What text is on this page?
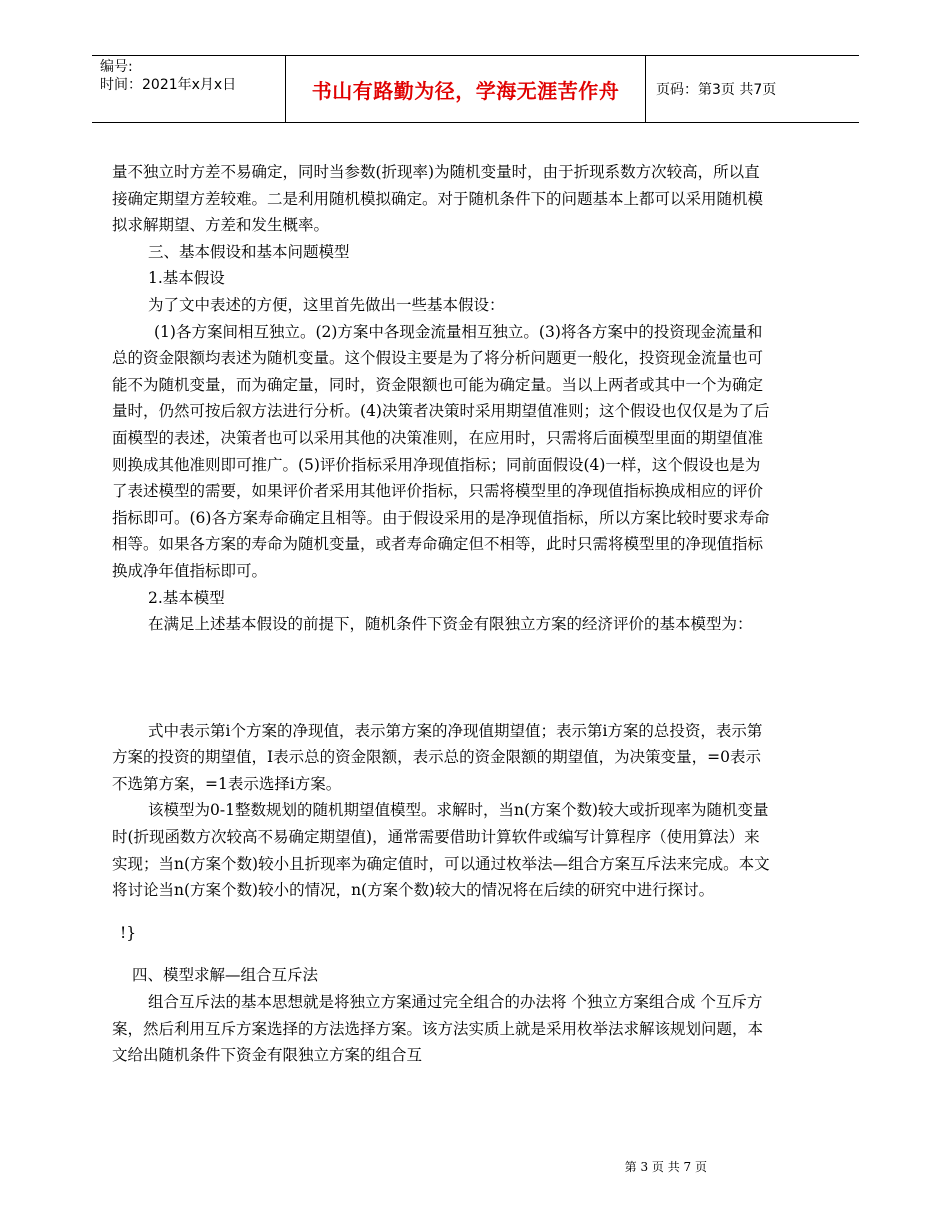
编号:
时间：2021年x月x日	书山有路勤为径，学海无涯苦作舟	页码：第3页 共7页

量不独立时方差不易确定，同时当参数(折现率)为随机变量时，由于折现系数方次较高，所以直接确定期望方差较难。二是利用随机模拟确定。对于随机条件下的问题基本上都可以采用随机模拟求解期望、方差和发生概率。

三、基本假设和基本问题模型

1.基本假设

为了文中表述的方便，这里首先做出一些基本假设：

(1)各方案间相互独立。(2)方案中各现金流量相互独立。(3)将各方案中的投资现金流量和总的资金限额均表述为随机变量。这个假设主要是为了将分析问题更一般化，投资现金流量也可能不为随机变量，而为确定量，同时，资金限额也可能为确定量。当以上两者或其中一个为确定量时，仍然可按后叙方法进行分析。(4)决策者决策时采用期望值准则；这个假设也仅仅是为了后面模型的表述，决策者也可以采用其他的决策准则，在应用时，只需将后面模型里面的期望值准则换成其他准则即可推广。(5)评价指标采用净现值指标；同前面假设(4)一样，这个假设也是为了表述模型的需要，如果评价者采用其他评价指标，只需将模型里的净现值指标换成相应的评价指标即可。(6)各方案寿命确定且相等。由于假设采用的是净现值指标，所以方案比较时要求寿命相等。如果各方案的寿命为随机变量，或者寿命确定但不相等，此时只需将模型里的净现值指标换成净年值指标即可。

2.基本模型

在满足上述基本假设的前提下，随机条件下资金有限独立方案的经济评价的基本模型为：

式中表示第i个方案的净现值，表示第方案的净现值期望值；表示第i方案的总投资，表示第方案的投资的期望值，I表示总的资金限额，表示总的资金限额的期望值，为决策变量，=0表示不选第方案，=1表示选择i方案。

该模型为0-1整数规划的随机期望值模型。求解时，当n(方案个数)较大或折现率为随机变量时(折现函数方次较高不易确定期望值)，通常需要借助计算软件或编写计算程序（使用算法）来实现；当n(方案个数)较小且折现率为确定值时，可以通过枚举法—组合方案互斥法来完成。本文将讨论当n(方案个数)较小的情况，n(方案个数)较大的情况将在后续的研究中进行探讨。

!}

四、模型求解—组合互斥法

组合互斥法的基本思想就是将独立方案通过完全组合的办法将 个独立方案组合成 个互斥方案，然后利用互斥方案选择的方法选择方案。该方法实质上就是采用枚举法求解该规划问题，本文给出随机条件下资金有限独立方案的组合互

第 3 页 共 7 页
